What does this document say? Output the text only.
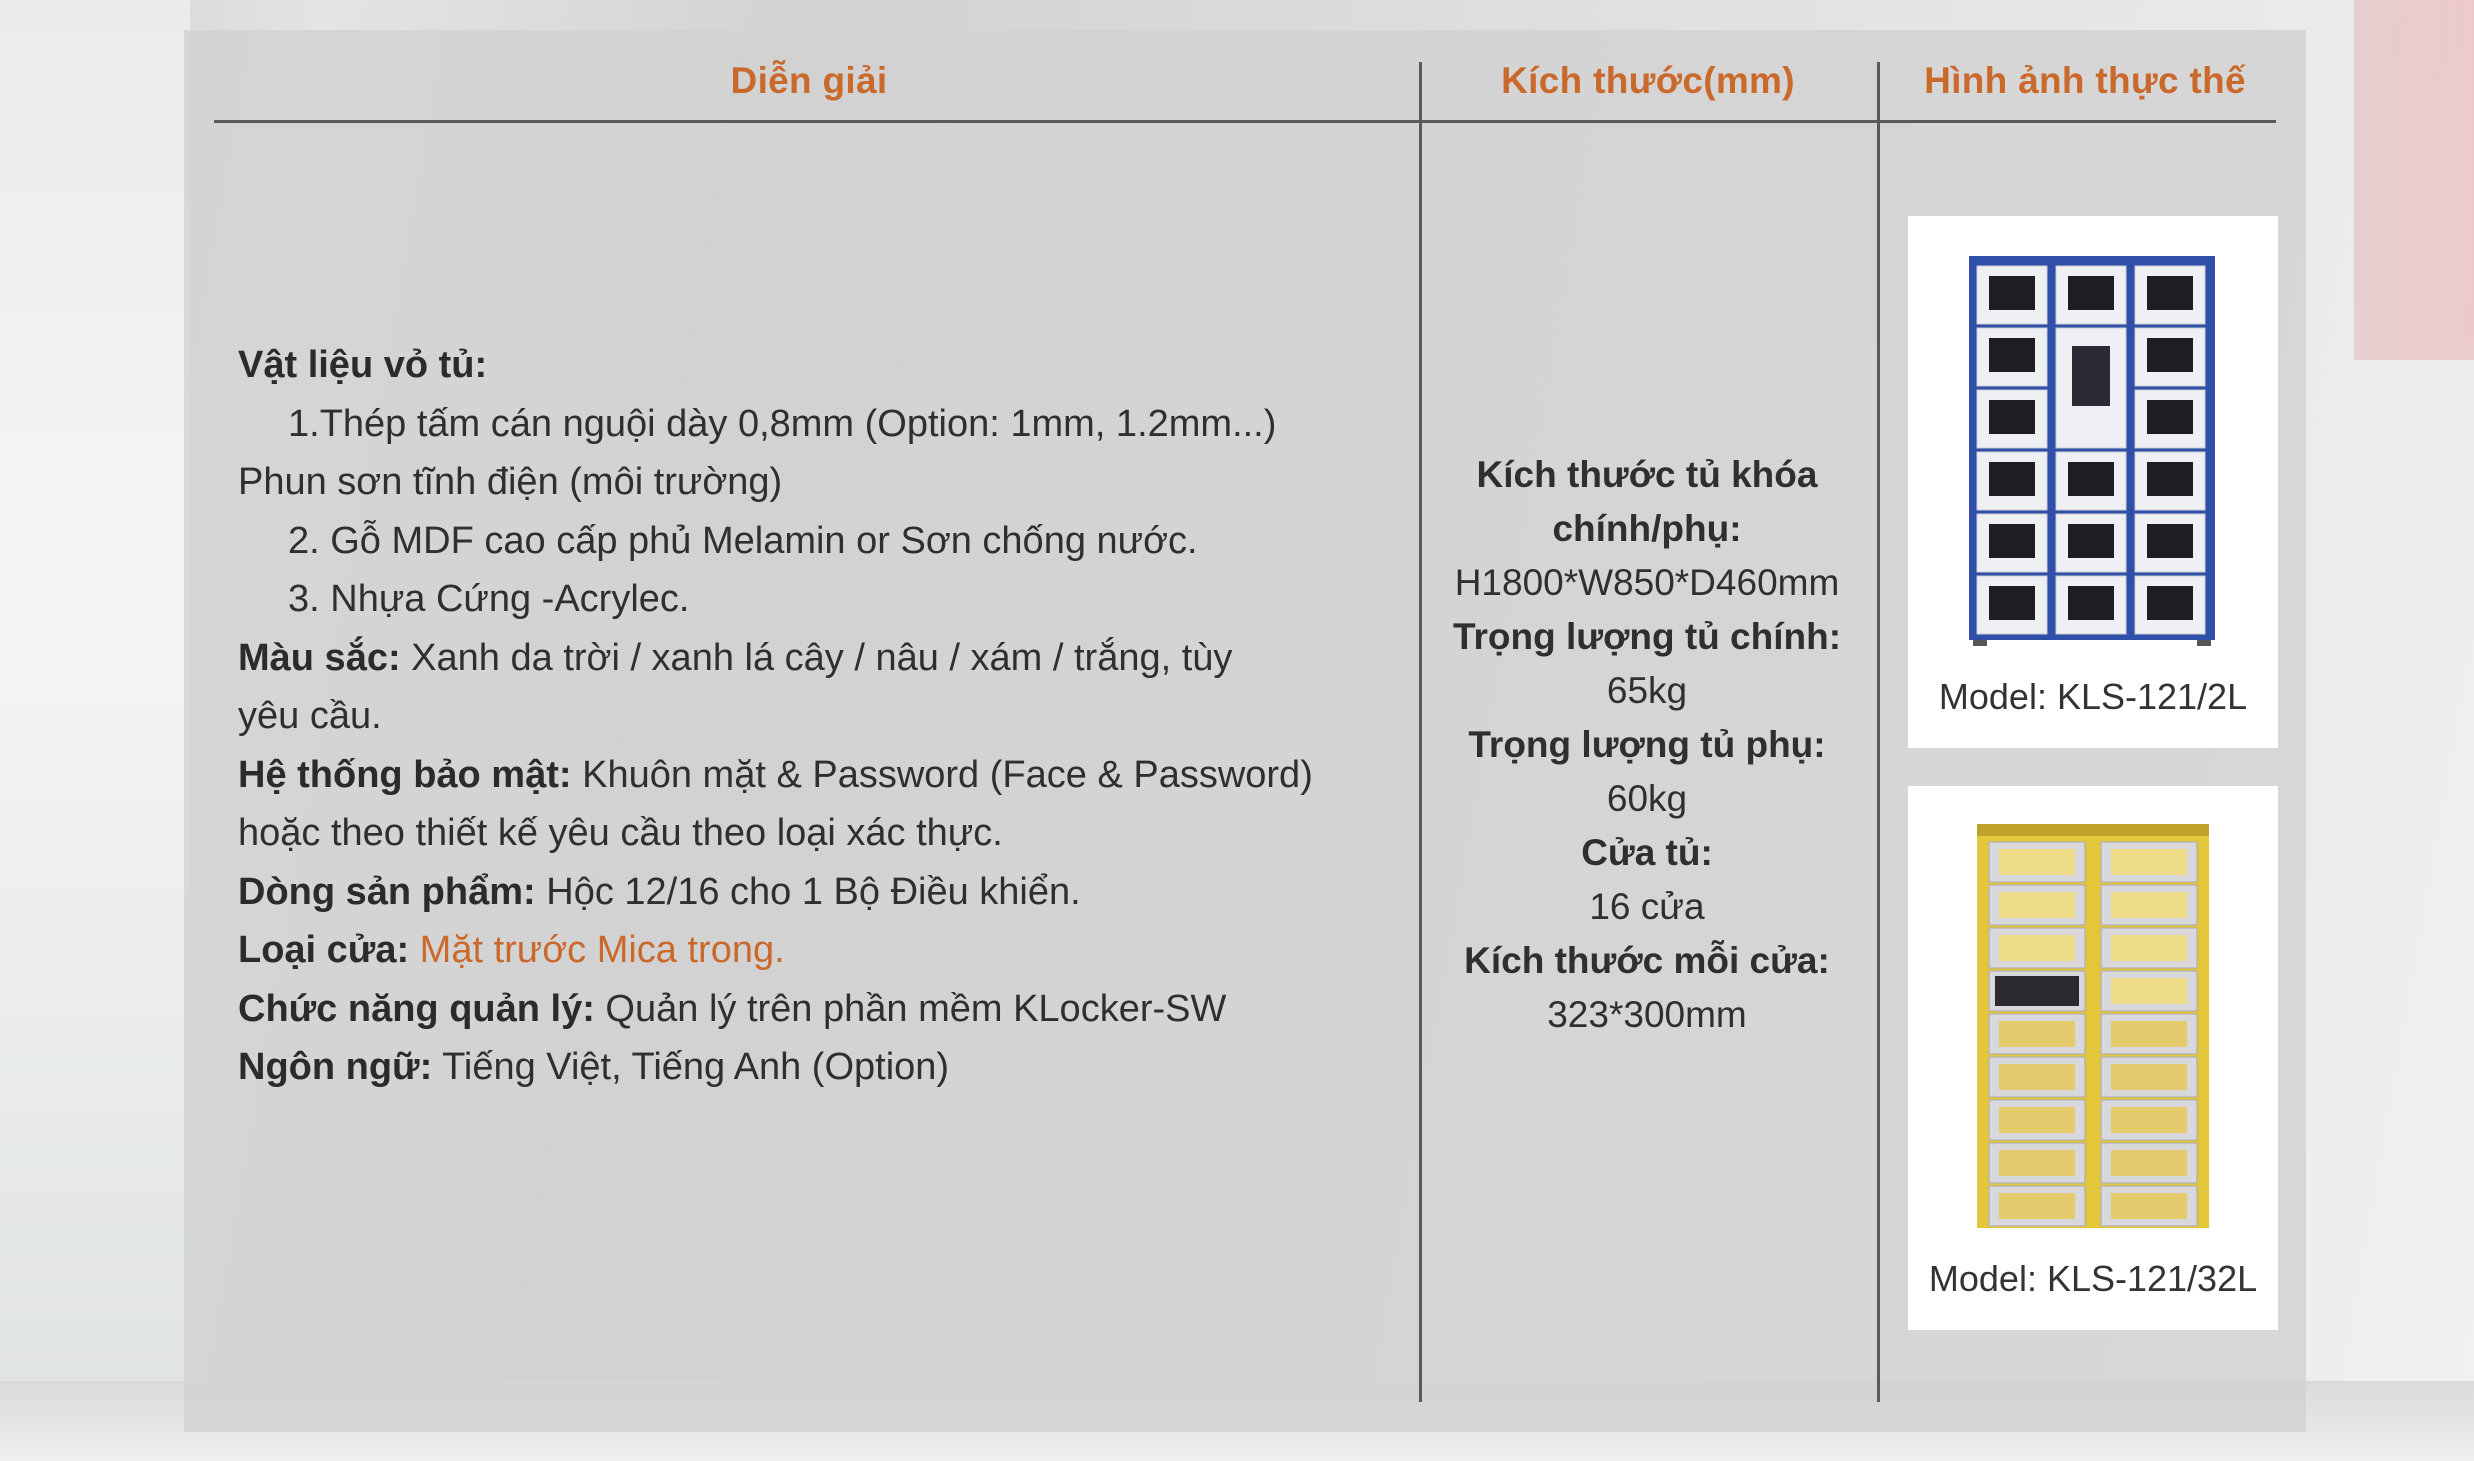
Diễn giải	Kích thước(mm)	Hình ảnh thực thế

Vật liệu vỏ tủ:

1.Thép tấm cán nguội dày 0,8mm (Option: 1mm, 1.2mm...)

Phun sơn tĩnh điện (môi trường)

2. Gỗ MDF cao cấp phủ Melamin or Sơn chống nước.

3. Nhựa Cứng -Acrylec.

Màu sắc: Xanh da trời / xanh lá cây / nâu / xám / trắng, tùy

yêu cầu.

Hệ thống bảo mật: Khuôn mặt & Password (Face & Password)

hoặc theo thiết kế yêu cầu theo loại xác thực.

Dòng sản phẩm: Hộc 12/16 cho 1 Bộ Điều khiển.

Loại cửa: Mặt trước Mica trong.

Chức năng quản lý: Quản lý trên phần mềm KLocker-SW

Ngôn ngữ: Tiếng Việt, Tiếng Anh (Option)

Kích thước tủ khóa

chính/phụ:

H1800*W850*D460mm

Trọng lượng tủ chính:

65kg

Trọng lượng tủ phụ:

60kg

Cửa tủ:

16 cửa

Kích thước mỗi cửa:

323*300mm

Model: KLS-121/2L
Model: KLS-121/32L
